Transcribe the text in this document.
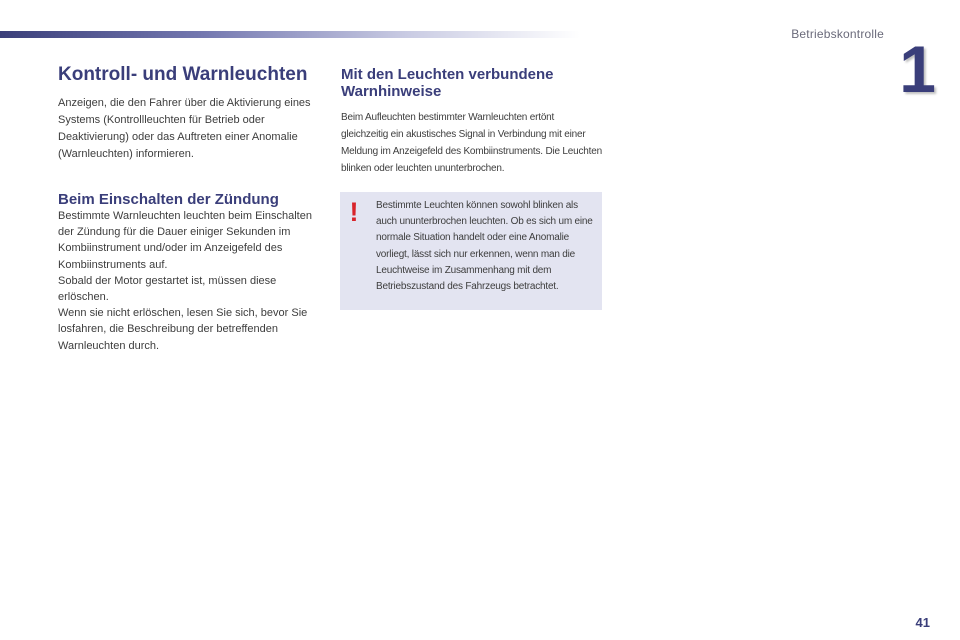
Betriebskontrolle 1
Kontroll- und Warnleuchten

Anzeigen, die den Fahrer über die Aktivierung eines Systems (Kontrollleuchten für Betrieb oder Deaktivierung) oder das Auftreten einer Anomalie (Warnleuchten) informieren.

Beim Einschalten der Zündung

Bestimmte Warnleuchten leuchten beim Einschalten der Zündung für die Dauer einiger Sekunden im Kombiinstrument und/oder im Anzeigefeld des Kombiinstruments auf.

Sobald der Motor gestartet ist, müssen diese erlöschen.

Wenn sie nicht erlöschen, lesen Sie sich, bevor Sie losfahren, die Beschreibung der betreffenden Warnleuchten durch.

Mit den Leuchten verbundene Warnhinweise

Beim Aufleuchten bestimmter Warnleuchten ertönt gleichzeitig ein akustisches Signal in Verbindung mit einer Meldung im Anzeigefeld des Kombiinstruments. Die Leuchten blinken oder leuchten ununterbrochen.

! Bestimmte Leuchten können sowohl blinken als auch ununterbrochen leuchten. Ob es sich um eine normale Situation handelt oder eine Anomalie vorliegt, lässt sich nur erkennen, wenn man die Leuchtweise im Zusammenhang mit dem Betriebszustand des Fahrzeugs betrachtet.
41
